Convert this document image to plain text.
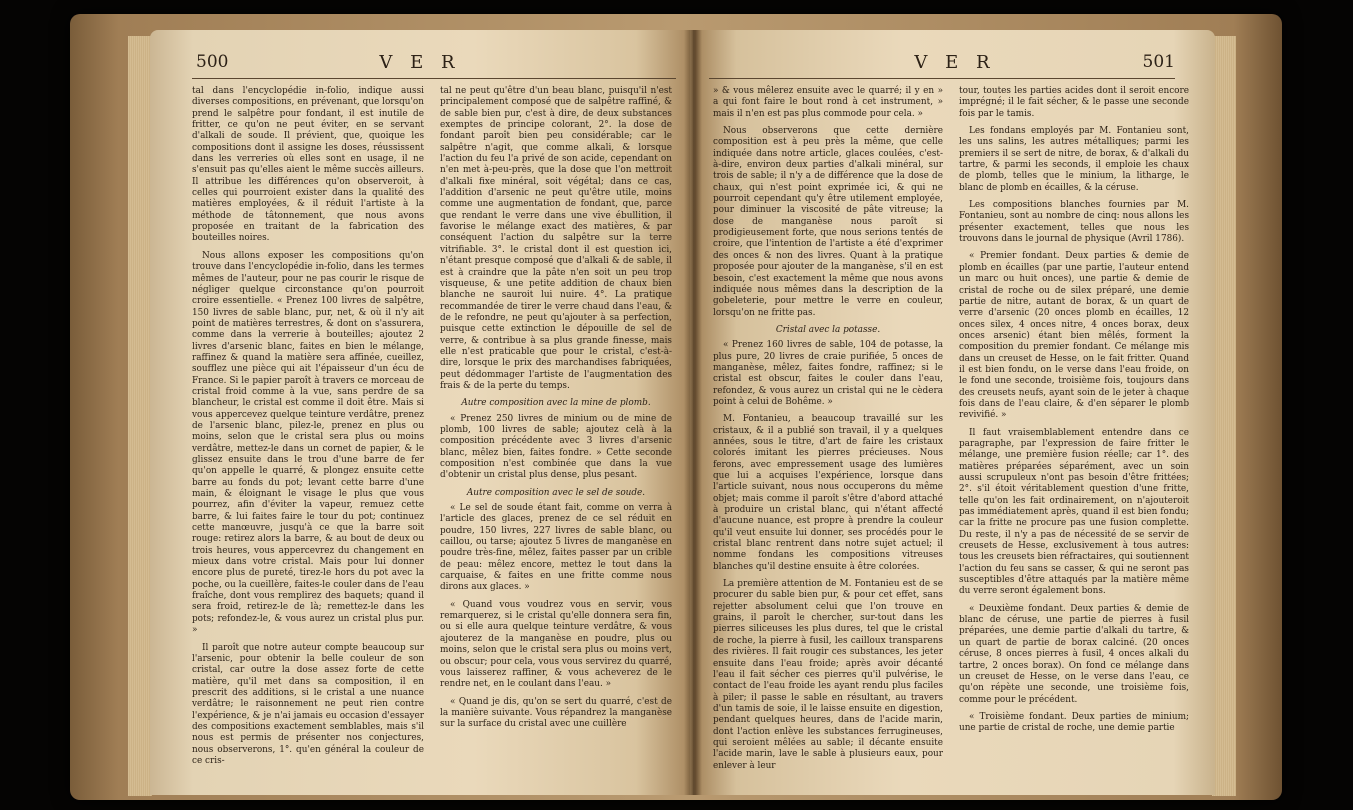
500	V E R

tal dans l'encyclopédie in-folio, indique aussi diverses compositions, en prévenant, que lorsqu'on prend le salpêtre pour fondant, il est inutile de fritter, ce qu'on ne peut éviter, en se servant d'alkali de soude. Il prévient, que, quoique les compositions dont il assigne les doses, réussissent dans les verreries où elles sont en usage, il ne s'ensuit pas qu'elles aient le même succès ailleurs. Il attribue les différences qu'on observeroit, à celles qui pourroient exister dans la qualité des matières employées, & il réduit l'artiste à la méthode de tâtonnement, que nous avons proposée en traitant de la fabrication des bouteilles noires.

Nous allons exposer les compositions qu'on trouve dans l'encyclopédie in-folio, dans les termes mêmes de l'auteur, pour ne pas courir le risque de négliger quelque circonstance qu'on pourroit croire essentielle. « Prenez 100 livres de salpêtre, 150 livres de sable blanc, pur, net, & où il n'y ait point de matières terrestres, & dont on s'assurera, comme dans la verrerie à bouteilles; ajoutez 2 livres d'arsenic blanc, faites en bien le mélange, raffinez & quand la matière sera affinée, cueillez, soufflez une pièce qui ait l'épaisseur d'un écu de France. Si le papier paroît à travers ce morceau de cristal froid comme à la vue, sans perdre de sa blancheur, le cristal est comme il doit être. Mais si vous appercevez quelque teinture verdâtre, prenez de l'arsenic blanc, pilez-le, prenez en plus ou moins, selon que le cristal sera plus ou moins verdâtre, mettez-le dans un cornet de papier, & le glissez ensuite dans le trou d'une barre de fer qu'on appelle le quarré, & plongez ensuite cette barre au fonds du pot; levant cette barre d'une main, & éloignant le visage le plus que vous pourrez, afin d'éviter la vapeur, remuez cette barre, & lui faites faire le tour du pot; continuez cette manœuvre, jusqu'à ce que la barre soit rouge: retirez alors la barre, & au bout de deux ou trois heures, vous appercevrez du changement en mieux dans votre cristal. Mais pour lui donner encore plus de pureté, tirez-le hors du pot avec la poche, ou la cueillère, faites-le couler dans de l'eau fraîche, dont vous remplirez des baquets; quand il sera froid, retirez-le de là; remettez-le dans les pots; refondez-le, & vous aurez un cristal plus pur. »

Il paroît que notre auteur compte beaucoup sur l'arsenic, pour obtenir la belle couleur de son cristal, car outre la dose assez forte de cette matière, qu'il met dans sa composition, il en prescrit des additions, si le cristal a une nuance verdâtre; le raisonnement ne peut rien contre l'expérience, & je n'ai jamais eu occasion d'essayer des compositions exactement semblables, mais s'il nous est permis de présenter nos conjectures, nous observerons, 1°. qu'en général la couleur de ce cris-

tal ne peut qu'être d'un beau blanc, puisqu'il n'est principalement composé que de salpêtre raffiné, & de sable bien pur, c'est à dire, de deux substances exemptes de principe colorant, 2°. la dose de fondant paroît bien peu considérable; car le salpêtre n'agit, que comme alkali, & lorsque l'action du feu l'a privé de son acide, cependant on n'en met à-peu-près, que la dose que l'on mettroit d'alkali fixe minéral, soit végétal; dans ce cas, l'addition d'arsenic ne peut qu'être utile, moins comme une augmentation de fondant, que, parce que rendant le verre dans une vive ébullition, il favorise le mélange exact des matières, & par conséquent l'action du salpêtre sur la terre vitrifiable. 3°. le cristal dont il est question ici, n'étant presque composé que d'alkali & de sable, il est à craindre que la pâte n'en soit un peu trop visqueuse, & une petite addition de chaux bien blanche ne sauroit lui nuire. 4°. La pratique recommandée de tirer le verre chaud dans l'eau, & de le refondre, ne peut qu'ajouter à sa perfection, puisque cette extinction le dépouille de sel de verre, & contribue à sa plus grande finesse, mais elle n'est praticable que pour le cristal, c'est-à-dire, lorsque le prix des marchandises fabriquées, peut dédommager l'artiste de l'augmentation des frais & de la perte du temps.

Autre composition avec la mine de plomb.

« Prenez 250 livres de minium ou de mine de plomb, 100 livres de sable; ajoutez celà à la composition précédente avec 3 livres d'arsenic blanc, mêlez bien, faites fondre. » Cette seconde composition n'est combinée que dans la vue d'obtenir un cristal plus dense, plus pesant.

Autre composition avec le sel de soude.

« Le sel de soude étant fait, comme on verra à l'article des glaces, prenez de ce sel réduit en poudre, 150 livres, 227 livres de sable blanc, ou caillou, ou tarse; ajoutez 5 livres de manganèse en poudre très-fine, mêlez, faites passer par un crible de peau: mêlez encore, mettez le tout dans la carquaise, & faites en une fritte comme nous dirons aux glaces. »

« Quand vous voudrez vous en servir, vous remarquerez, si le cristal qu'elle donnera sera fin, ou si elle aura quelque teinture verdâtre, & vous ajouterez de la manganèse en poudre, plus ou moins, selon que le cristal sera plus ou moins vert, ou obscur; pour cela, vous vous servirez du quarré, vous laisserez raffiner, & vous acheverez de le rendre net, en le coulant dans l'eau. »

« Quand je dis, qu'on se sert du quarré, c'est de la manière suivante. Vous répandrez la manganèse sur la surface du cristal avec une cuillère

V E R	501

» & vous mêlerez ensuite avec le quarré; il y en » a qui font faire le bout rond à cet instrument, » mais il n'en est pas plus commode pour cela. »

Nous observerons que cette dernière composition est à peu près la même, que celle indiquée dans notre article, glaces coulées, c'est-à-dire, environ deux parties d'alkali minéral, sur trois de sable; il n'y a de différence que la dose de chaux, qui n'est point exprimée ici, & qui ne pourroit cependant qu'y être utilement employée, pour diminuer la viscosité de pâte vitreuse; la dose de manganèse nous paroît si prodigieusement forte, que nous serions tentés de croire, que l'intention de l'artiste a été d'exprimer des onces & non des livres. Quant à la pratique proposée pour ajouter de la manganèse, s'il en est besoin, c'est exactement la même que nous avons indiquée nous mêmes dans la description de la gobeleterie, pour mettre le verre en couleur, lorsqu'on ne fritte pas.

Cristal avec la potasse.

« Prenez 160 livres de sable, 104 de potasse, la plus pure, 20 livres de craie purifiée, 5 onces de manganèse, mêlez, faites fondre, raffinez; si le cristal est obscur, faites le couler dans l'eau, refondez, & vous aurez un cristal qui ne le cèdera point à celui de Bohême. »

M. Fontanieu, a beaucoup travaillé sur les cristaux, & il a publié son travail, il y a quelques années, sous le titre, d'art de faire les cristaux colorés imitant les pierres précieuses. Nous ferons, avec empressement usage des lumières que lui a acquises l'expérience, lorsque dans l'article suivant, nous nous occuperons du même objet; mais comme il paroît s'être d'abord attaché à produire un cristal blanc, qui n'étant affecté d'aucune nuance, est propre à prendre la couleur qu'il veut ensuite lui donner, ses procédés pour le cristal blanc rentrent dans notre sujet actuel; il nomme fondans les compositions vitreuses blanches qu'il destine ensuite à être colorées.

La première attention de M. Fontanieu est de se procurer du sable bien pur, & pour cet effet, sans rejetter absolument celui que l'on trouve en grains, il paroît le chercher, sur-tout dans les pierres siliceuses les plus dures, tel que le cristal de roche, la pierre à fusil, les cailloux transparens des rivières. Il fait rougir ces substances, les jeter ensuite dans l'eau froide; après avoir décanté l'eau il fait sécher ces pierres qu'il pulvérise, le contact de l'eau froide les ayant rendu plus faciles à piler; il passe le sable en résultant, au travers d'un tamis de soie, il le laisse ensuite en digestion, pendant quelques heures, dans de l'acide marin, dont l'action enlève les substances ferrugineuses, qui seroient mêlées au sable; il décante ensuite l'acide marin, lave le sable à plusieurs eaux, pour enlever à leur

tour, toutes les parties acides dont il seroit encore imprégné; il le fait sécher, & le passe une seconde fois par le tamis.

Les fondans employés par M. Fontanieu sont, les uns salins, les autres métalliques; parmi les premiers il se sert de nitre, de borax, & d'alkali du tartre, & parmi les seconds, il emploie les chaux de plomb, telles que le minium, la litharge, le blanc de plomb en écailles, & la céruse.

Les compositions blanches fournies par M. Fontanieu, sont au nombre de cinq: nous allons les présenter exactement, telles que nous les trouvons dans le journal de physique (Avril 1786).

« Premier fondant. Deux parties & demie de plomb en écailles (par une partie, l'auteur entend un marc ou huit onces), une partie & demie de cristal de roche ou de silex préparé, une demie partie de nitre, autant de borax, & un quart de verre d'arsenic (20 onces plomb en écailles, 12 onces silex, 4 onces nitre, 4 onces borax, deux onces arsenic) étant bien mêlés, forment la composition du premier fondant. Ce mélange mis dans un creuset de Hesse, on le fait fritter. Quand il est bien fondu, on le verse dans l'eau froide, on le fond une seconde, troisième fois, toujours dans des creusets neufs, ayant soin de le jeter à chaque fois dans de l'eau claire, & d'en séparer le plomb revivifié. »

Il faut vraisemblablement entendre dans ce paragraphe, par l'expression de faire fritter le mélange, une première fusion réelle; car 1°. des matières préparées séparément, avec un soin aussi scrupuleux n'ont pas besoin d'être frittées; 2°. s'il étoit véritablement question d'une fritte, telle qu'on les fait ordinairement, on n'ajouteroit pas immédiatement après, quand il est bien fondu; car la fritte ne procure pas une fusion complette. Du reste, il n'y a pas de nécessité de se servir de creusets de Hesse, exclusivement à tous autres: tous les creusets bien réfractaires, qui soutiennent l'action du feu sans se casser, & qui ne seront pas susceptibles d'être attaqués par la matière même du verre seront également bons.

« Deuxième fondant. Deux parties & demie de blanc de céruse, une partie de pierres à fusil préparées, une demie partie d'alkali du tartre, & un quart de partie de borax calciné. (20 onces céruse, 8 onces pierres à fusil, 4 onces alkali du tartre, 2 onces borax). On fond ce mélange dans un creuset de Hesse, on le verse dans l'eau, ce qu'on répète une seconde, une troisième fois, comme pour le précédent.

« Troisième fondant. Deux parties de minium; une partie de cristal de roche, une demie partie
